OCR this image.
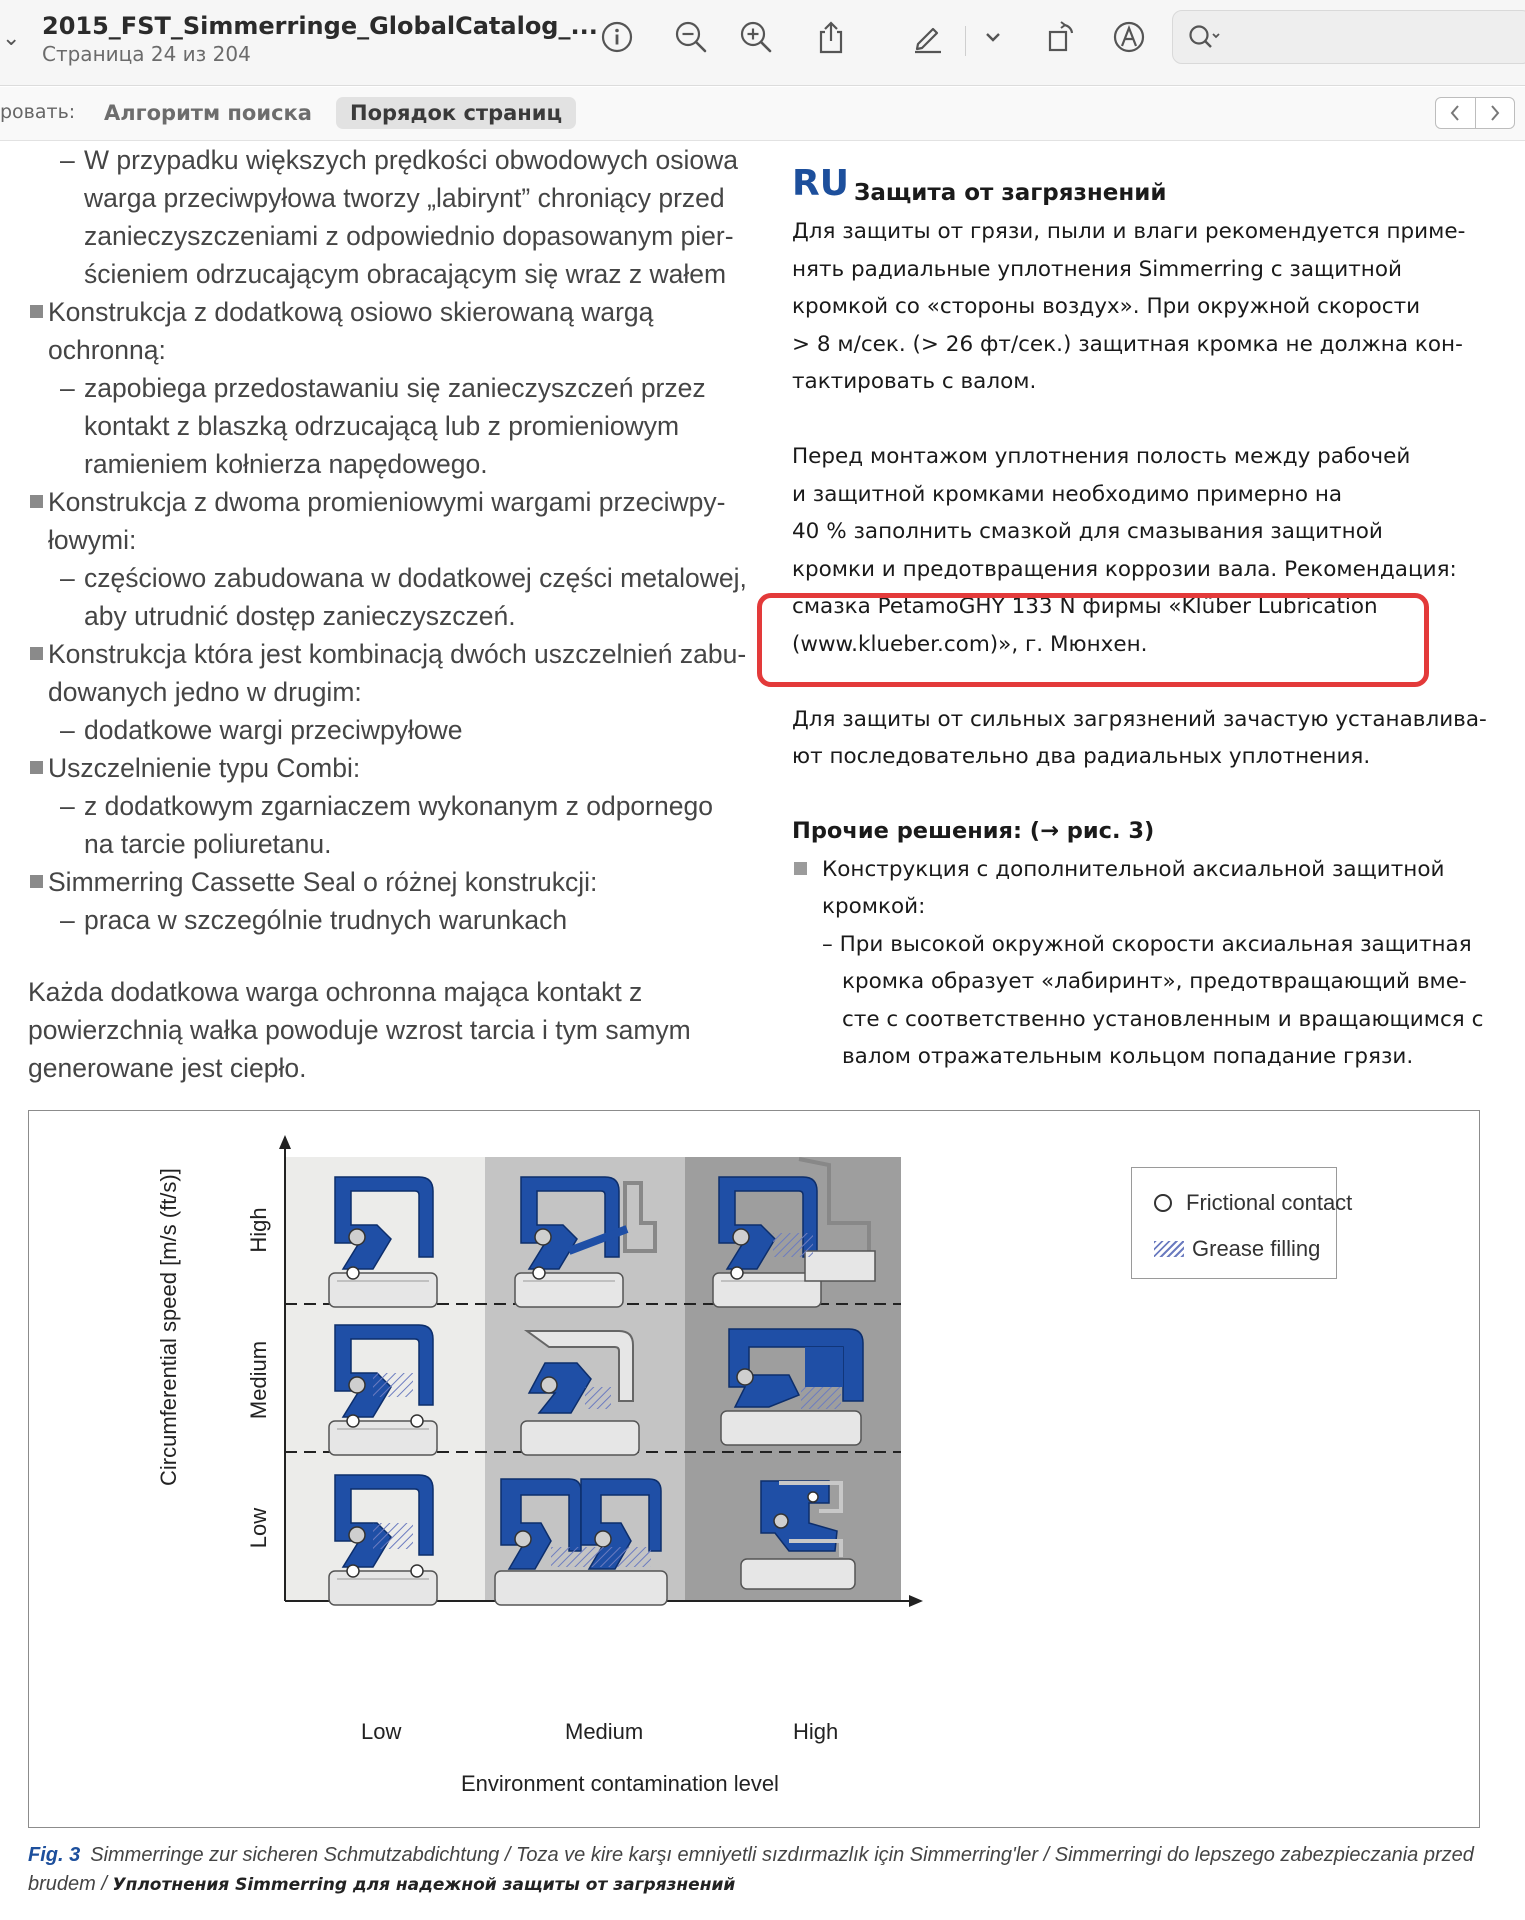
⌄ 2015_FST_Simmerringe_GlobalCatalog_...
Страница 24 из 204
ровать:	Алгоритм поиска	Порядок страниц
– W przypadku większych prędkości obwodowych osiowa
warga przeciwpyłowa tworzy „labirynt” chroniący przed
zanieczyszczeniami z odpowiednio dopasowanym pier-
ścieniem odrzucającym obracającym się wraz z wałem
Konstrukcja z dodatkową osiowo skierowaną wargą
ochronną:
– zapobiega przedostawaniu się zanieczyszczeń przez
kontakt z blaszką odrzucającą lub z promieniowym
ramieniem kołnierza napędowego.
Konstrukcja z dwoma promieniowymi wargami przeciwpy-
łowymi:
– częściowo zabudowana w dodatkowej części metalowej,
aby utrudnić dostęp zanieczyszczeń.
Konstrukcja która jest kombinacją dwóch uszczelnień zabu-
dowanych jedno w drugim:
– dodatkowe wargi przeciwpyłowe
Uszczelnienie typu Combi:
– z dodatkowym zgarniaczem wykonanym z odpornego
na tarcie poliuretanu.
Simmerring Cassette Seal o różnej konstrukcji:
– praca w szczególnie trudnych warunkach
Każda dodatkowa warga ochronna mająca kontakt z
powierzchnią wałka powoduje wzrost tarcia i tym samym
generowane jest ciepło.
RU Защита от загрязнений
Для защиты от грязи, пыли и влаги рекомендуется приме-
нять радиальные уплотнения Simmerring с защитной
кромкой со «стороны воздух». При окружной скорости
> 8 м/сек. (> 26 фт/сек.) защитная кромка не должна кон-
тактировать с валом.
Перед монтажом уплотнения полость между рабочей
и защитной кромками необходимо примерно на
40 % заполнить смазкой для смазывания защитной
кромки и предотвращения коррозии вала. Рекомендация:
смазка PetamoGHY 133 N фирмы «Klüber Lubrication
(www.klueber.com)», г. Мюнхен.
Для защиты от сильных загрязнений зачастую устанавлива-
ют последовательно два радиальных уплотнения.
Прочие решения: (→ рис. 3)
Конструкция с дополнительной аксиальной защитной
кромкой:
– При высокой окружной скорости аксиальная защитная
кромка образует «лабиринт», предотвращающий вме-
сте с соответственно установленным и вращающимся с
валом отражательным кольцом попадание грязи.
Circumferential speed [m/s (ft/s)]	High
Medium
Low
Low	Medium	High
Environment contamination level
Frictional contact
Grease filling
Fig. 3 Simmerringe zur sicheren Schmutzabdichtung / Toza ve kire karşı emniyetli sızdırmazlık için Simmerring'ler / Simmerringi do lepszego zabezpieczania przed brudem / Уплотнения Simmerring для надежной защиты от загрязнений
